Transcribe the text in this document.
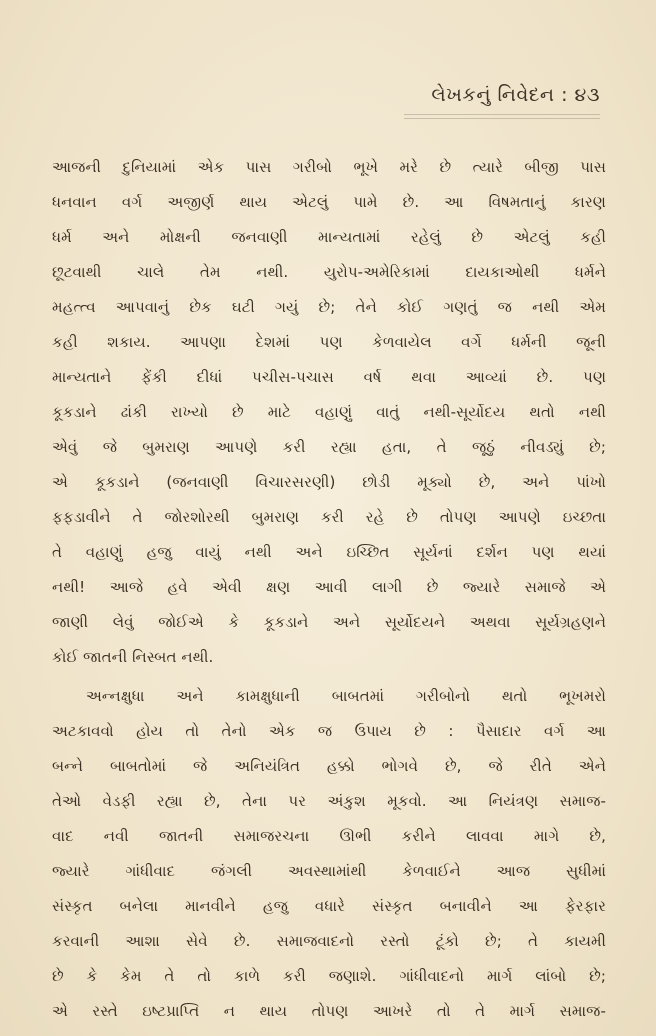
લેખકનું નિવેદન : ૪૩
આજની દુનિયામાં એક પાસ ગરીબો ભૂખે મરે છે ત્યારે બીજી પાસ
ધનવાન વર્ગ અજીર્ણ થાય એટલું પામે છે. આ વિષમતાનું કારણ
ધર્મ અને મોક્ષની જનવાણી માન્યતામાં રહેલું છે એટલું કહી
છૂટવાથી ચાલે તેમ નથી. યુરોપ-અમેરિકામાં દાયકાઓથી ધર્મને
મહત્ત્વ આપવાનું છેક ઘટી ગયું છે; તેને કોઈ ગણતું જ નથી એમ
કહી શકાય. આપણા દેશમાં પણ કેળવાયેલ વર્ગે ધર્મની જૂની
માન્યતાને ફેંકી દીધાં પચીસ-પચાસ વર્ષ થવા આવ્યાં છે. પણ
કૂકડાને ઢાંકી રાખ્યો છે માટે વહાણું વાતું નથી-સૂર્યોદય થતો નથી
એવું જે બુમરાણ આપણે કરી રહ્યા હતા, તે જૂઠું નીવડ્યું છે;
એ કૂકડાને (જનવાણી વિચારસરણી) છોડી મૂક્યો છે, અને પાંખો
ફફડાવીને તે જોરશોરથી બુમરાણ કરી રહે છે તોપણ આપણે ઇચ્છતા
તે વહાણું હજુ વાયું નથી અને ઇચ્છિત સૂર્યનાં દર્શન પણ થયાં
નથી! આજે હવે એવી ક્ષણ આવી લાગી છે જ્યારે સમાજે એ
જાણી લેવું જોઈએ કે કૂકડાને અને સૂર્યોદયને અથવા સૂર્યગ્રહણને
કોઈ જાતની નિસ્બત નથી.
અન્નક્ષુધા અને કામક્ષુધાની બાબતમાં ગરીબોનો થતો ભૂખમરો
અટકાવવો હોય તો તેનો એક જ ઉપાય છે : પૈસાદાર વર્ગ આ
બન્ને બાબતોમાં જે અનિયંત્રિત હક્કો ભોગવે છે, જે રીતે એને
તેઓ વેડફી રહ્યા છે, તેના પર અંકુશ મૂકવો. આ નિયંત્રણ સમાજ-
વાદ નવી જાતની સમાજરચના ઊભી કરીને લાવવા માગે છે,
જ્યારે ગાંધીવાદ જંગલી અવસ્થામાંથી કેળવાઈને આજ સુધીમાં
સંસ્કૃત બનેલા માનવીને હજુ વધારે સંસ્કૃત બનાવીને આ ફેરફાર
કરવાની આશા સેવે છે. સમાજવાદનો રસ્તો ટૂંકો છે; તે કાયમી
છે કે કેમ તે તો કાળે કરી જણાશે. ગાંધીવાદનો માર્ગ લાંબો છે;
એ રસ્તે ઇષ્ટપ્રાપ્તિ ન થાય તોપણ આખરે તો તે માર્ગ સમાજ-
